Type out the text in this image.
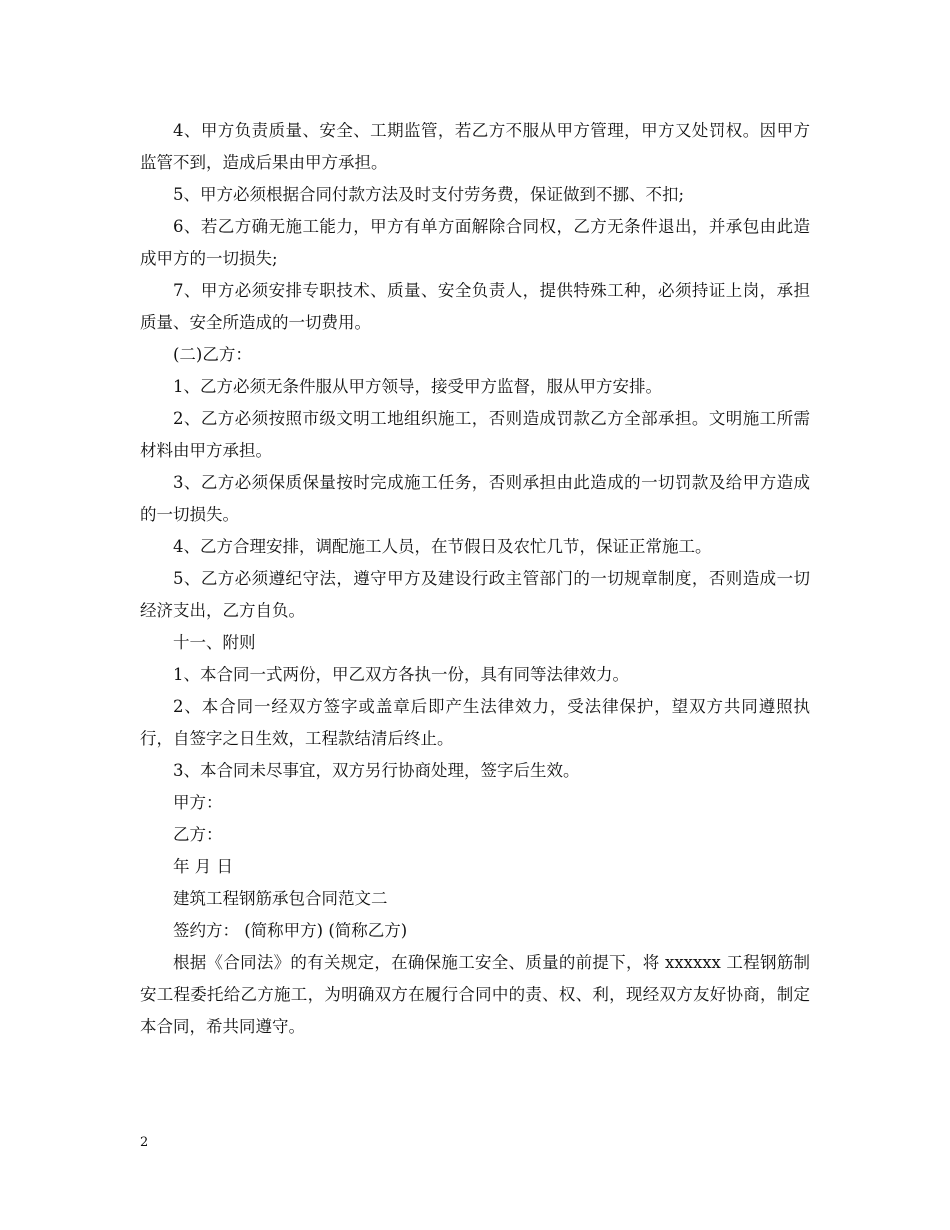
4、甲方负责质量、安全、工期监管，若乙方不服从甲方管理，甲方又处罚权。因甲方监管不到，造成后果由甲方承担。

5、甲方必须根据合同付款方法及时支付劳务费，保证做到不挪、不扣;

6、若乙方确无施工能力，甲方有单方面解除合同权，乙方无条件退出，并承包由此造成甲方的一切损失;

7、甲方必须安排专职技术、质量、安全负责人，提供特殊工种，必须持证上岗，承担质量、安全所造成的一切费用。

(二)乙方：

1、乙方必须无条件服从甲方领导，接受甲方监督，服从甲方安排。

2、乙方必须按照市级文明工地组织施工，否则造成罚款乙方全部承担。文明施工所需材料由甲方承担。

3、乙方必须保质保量按时完成施工任务，否则承担由此造成的一切罚款及给甲方造成的一切损失。

4、乙方合理安排，调配施工人员，在节假日及农忙几节，保证正常施工。

5、乙方必须遵纪守法，遵守甲方及建设行政主管部门的一切规章制度，否则造成一切经济支出，乙方自负。

十一、附则

1、本合同一式两份，甲乙双方各执一份，具有同等法律效力。

2、本合同一经双方签字或盖章后即产生法律效力，受法律保护，望双方共同遵照执行，自签字之日生效，工程款结清后终止。

3、本合同未尽事宜，双方另行协商处理，签字后生效。

甲方：

乙方：

年 月 日

建筑工程钢筋承包合同范文二

签约方： (简称甲方) (简称乙方)

根据《合同法》的有关规定，在确保施工安全、质量的前提下，将 xxxxxx 工程钢筋制安工程委托给乙方施工，为明确双方在履行合同中的责、权、利，现经双方友好协商，制定本合同，希共同遵守。

2
